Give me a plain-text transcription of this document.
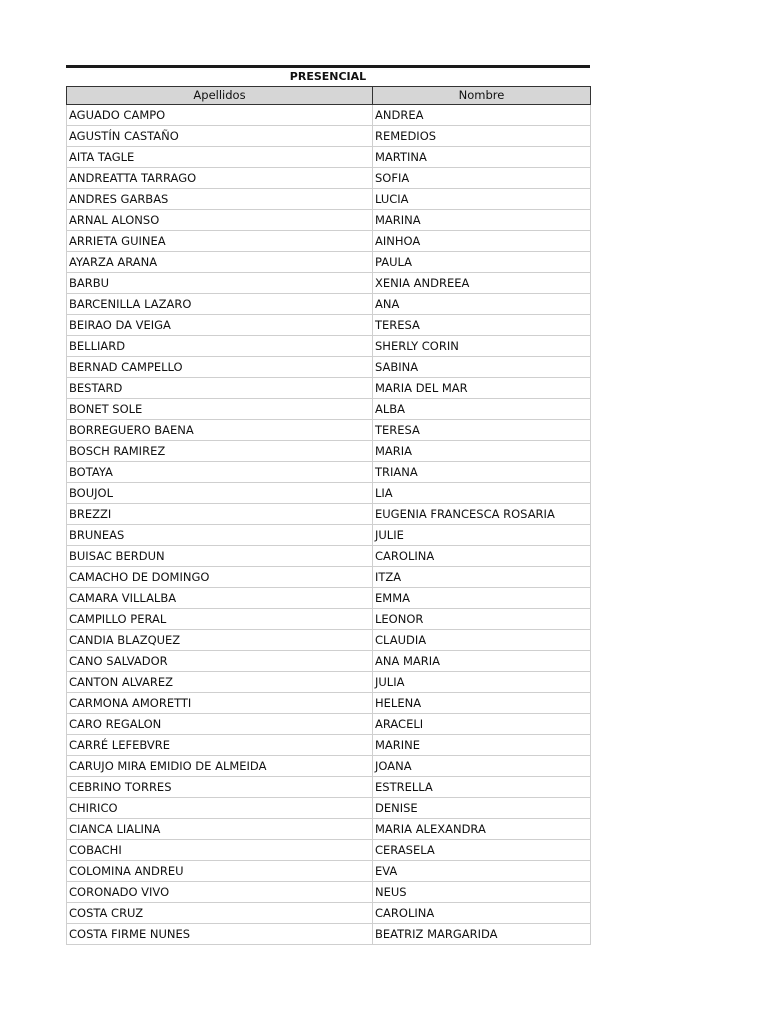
PRESENCIAL
Apellidos	Nombre
AGUADO CAMPO	ANDREA
AGUSTÍN CASTAÑO	REMEDIOS
AITA TAGLE	MARTINA
ANDREATTA TARRAGO	SOFIA
ANDRES GARBAS	LUCIA
ARNAL ALONSO	MARINA
ARRIETA GUINEA	AINHOA
AYARZA ARANA	PAULA
BARBU	XENIA ANDREEA
BARCENILLA LAZARO	ANA
BEIRAO DA VEIGA	TERESA
BELLIARD	SHERLY CORIN
BERNAD CAMPELLO	SABINA
BESTARD	MARIA DEL MAR
BONET SOLE	ALBA
BORREGUERO BAENA	TERESA
BOSCH RAMIREZ	MARIA
BOTAYA	TRIANA
BOUJOL	LIA
BREZZI	EUGENIA FRANCESCA ROSARIA
BRUNEAS	JULIE
BUISAC BERDUN	CAROLINA
CAMACHO DE DOMINGO	ITZA
CAMARA VILLALBA	EMMA
CAMPILLO PERAL	LEONOR
CANDIA BLAZQUEZ	CLAUDIA
CANO SALVADOR	ANA MARIA
CANTON ALVAREZ	JULIA
CARMONA AMORETTI	HELENA
CARO REGALON	ARACELI
CARRÉ LEFEBVRE	MARINE
CARUJO MIRA EMIDIO DE ALMEIDA	JOANA
CEBRINO TORRES	ESTRELLA
CHIRICO	DENISE
CIANCA LIALINA	MARIA ALEXANDRA
COBACHI	CERASELA
COLOMINA ANDREU	EVA
CORONADO VIVO	NEUS
COSTA CRUZ	CAROLINA
COSTA FIRME NUNES	BEATRIZ MARGARIDA
